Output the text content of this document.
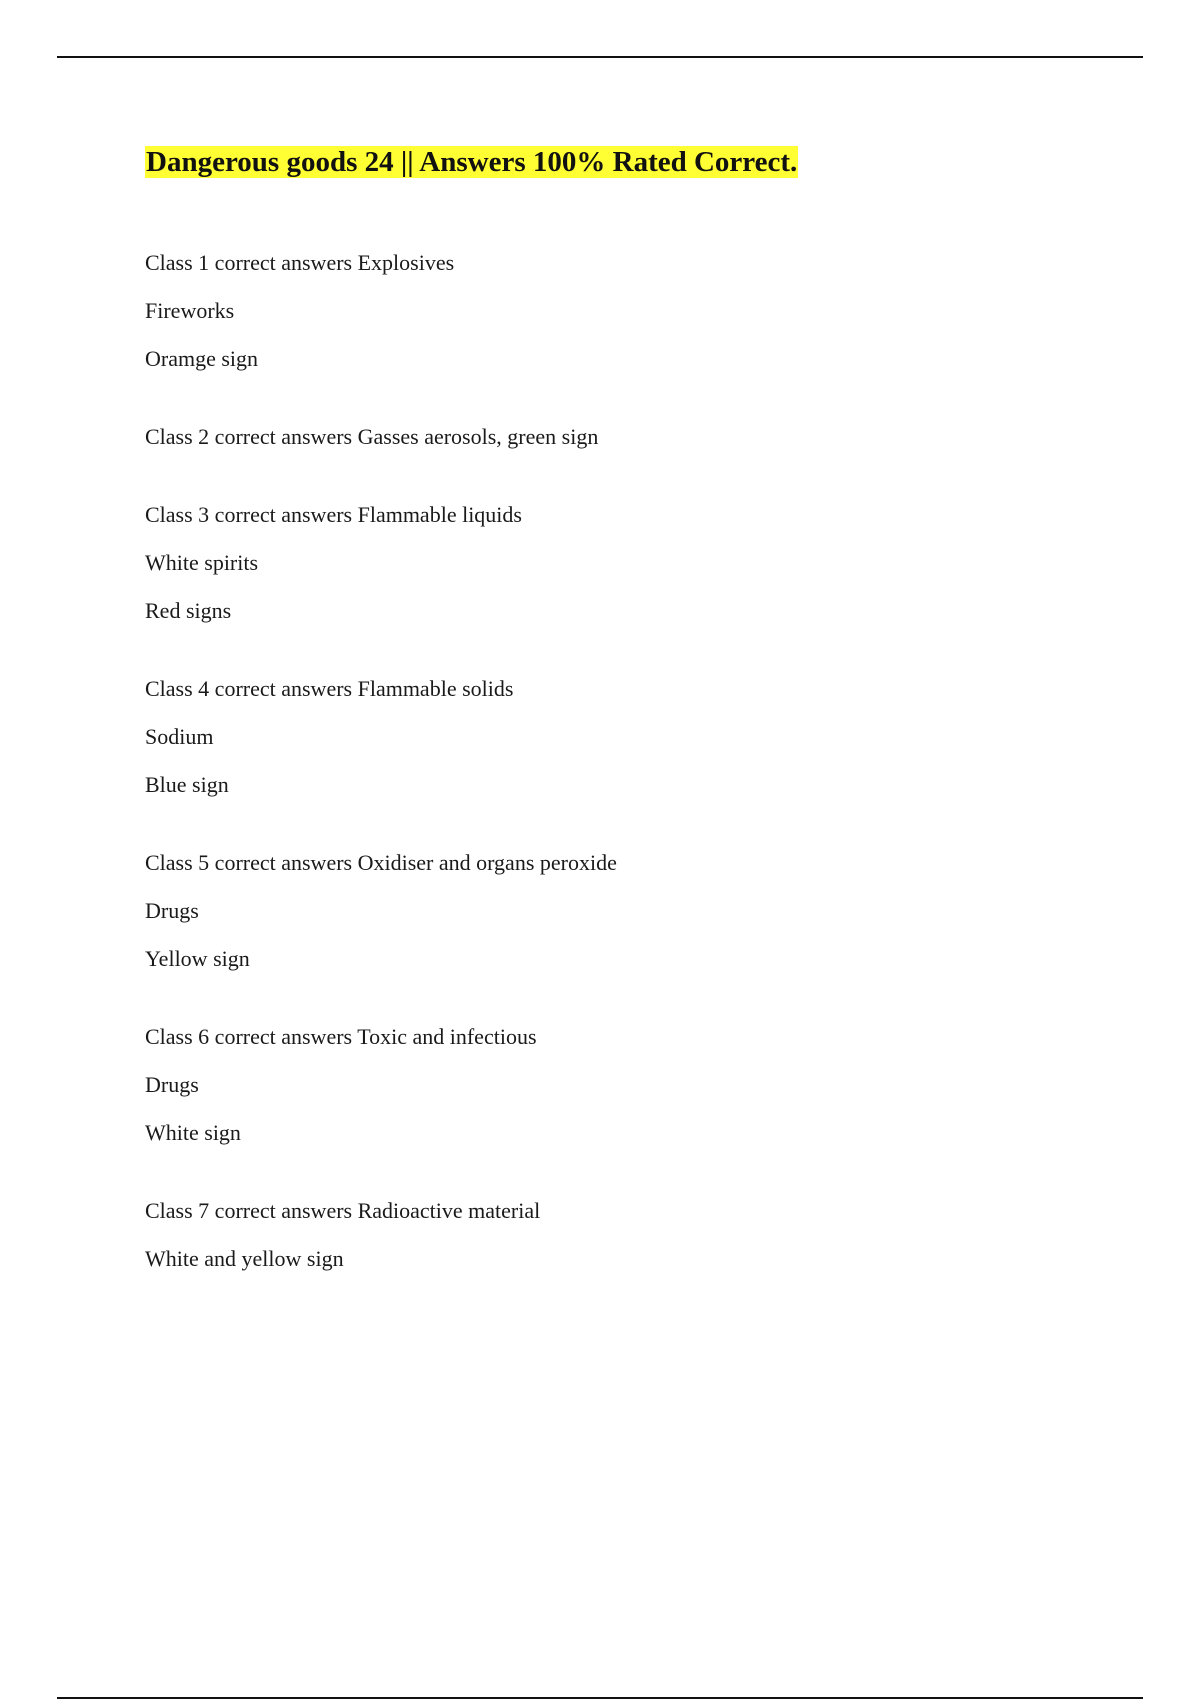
Dangerous goods 24 || Answers 100% Rated Correct.
Class 1 correct answers Explosives
Fireworks
Oramge sign
Class 2 correct answers Gasses aerosols, green sign
Class 3 correct answers Flammable liquids
White spirits
Red signs
Class 4 correct answers Flammable solids
Sodium
Blue sign
Class 5 correct answers Oxidiser and organs peroxide
Drugs
Yellow sign
Class 6 correct answers Toxic and infectious
Drugs
White sign
Class 7 correct answers Radioactive material
White and yellow sign
